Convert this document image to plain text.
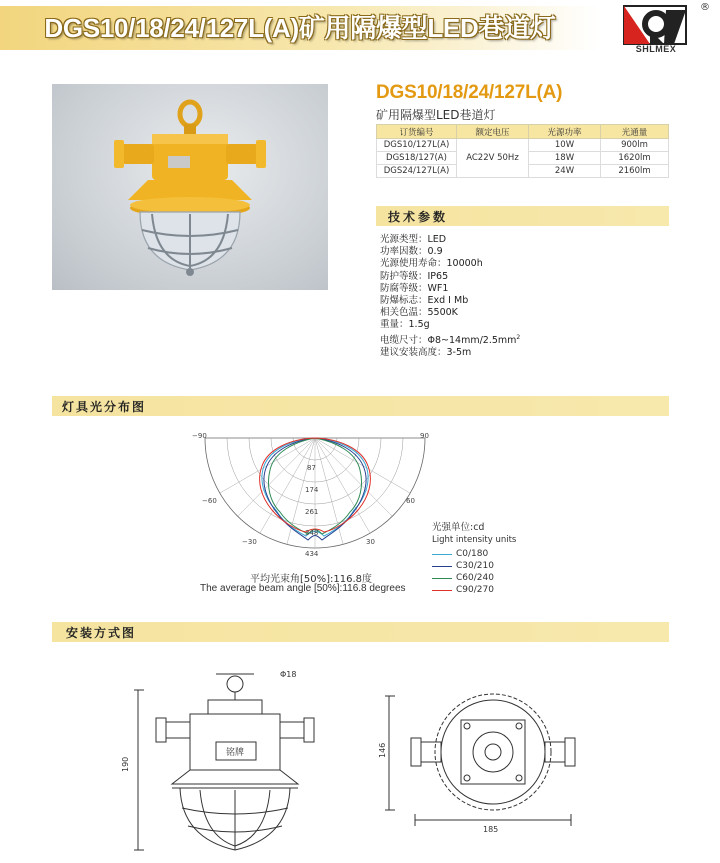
DGS10/18/24/127L(A)矿用隔爆型LED巷道灯
SHLMEX
®
DGS10/18/24/127L(A)
矿用隔爆型LED巷道灯
订货编号	额定电压	光源功率	光通量
DGS10/127L(A)	AC22V 50Hz	10W	900lm
DGS18/127(A)		18W	1620lm
DGS24/127L(A)		24W	2160lm
技术参数
光源类型：LED
功率因数：0.9
光源使用寿命：10000h
防护等级：IP65
防腐等级：WF1
防爆标志：Exd I Mb
相关色温：5500K
重量：1.5g
电缆尺寸：$\Phi 8\sim 14mm/2.5mm^2$
建议安装高度：3-5m
灯具光分布图
−90	90
−60	60
−30	30
87
174
261
348
434
光强单位:cd
Light intensity units
C0/180
C30/210
C60/240
C90/270
平均光束角[50%]:116.8度
The average beam angle [50%]:116.8 degrees
安装方式图
Φ18
铭牌
190
146
185
